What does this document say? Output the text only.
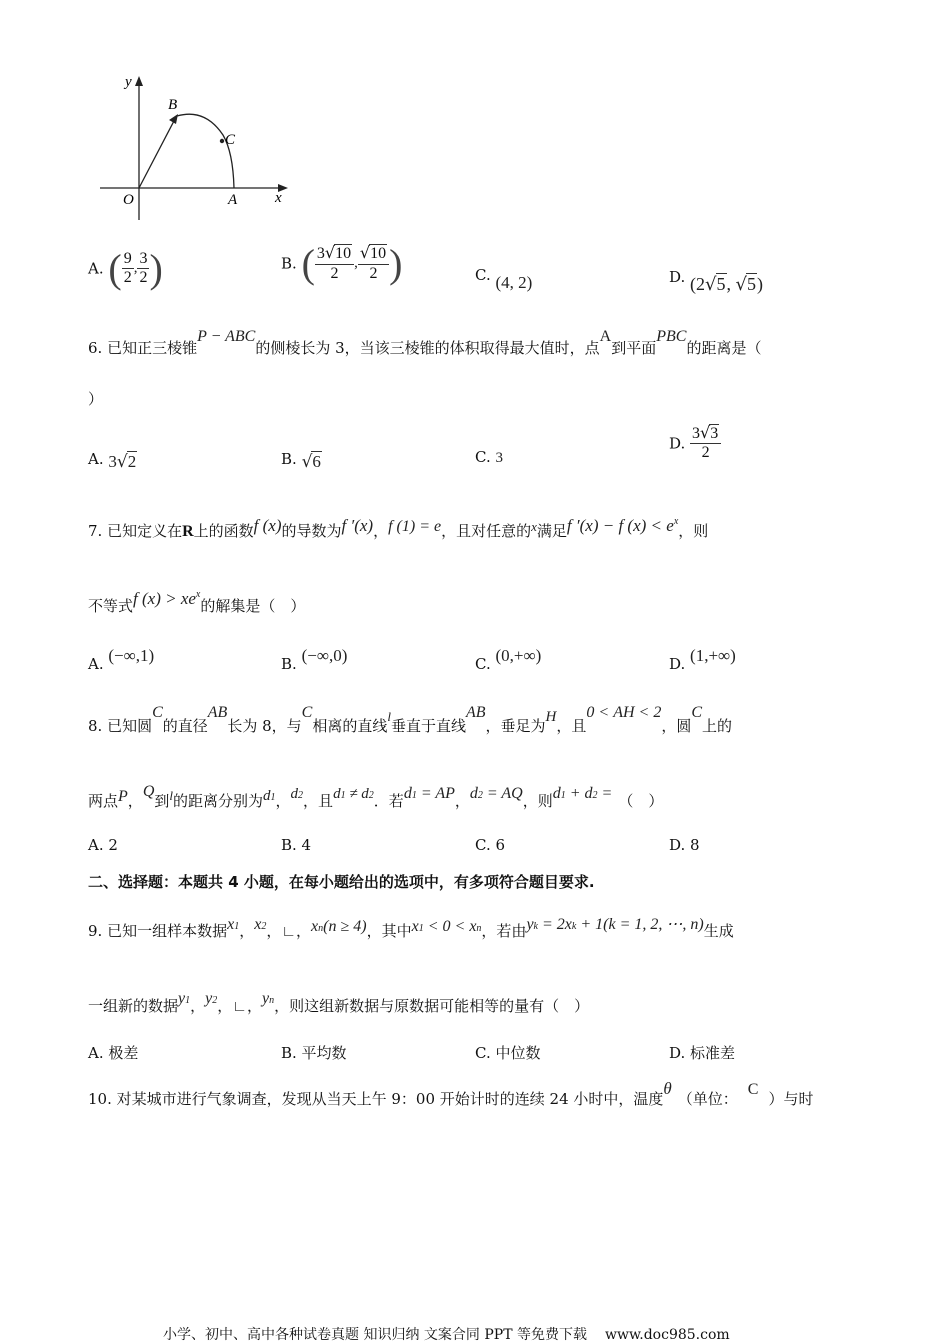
y
B
C
O	A	x
A. ( $\frac{9}{2}$ , $\frac{3}{2}$ )	B. ( $\frac{3√10}{2}$ , $\frac{√10}{2}$ )	C. (4, 2)	D. (2√5, √5)
6. 已知正三棱锥P − ABC的侧棱长为 3，当该三棱锥的体积取得最大值时，点A到平面PBC的距离是（
）
A. 3√2	B. √6	C. 3
D. $\frac{3√3}{2}$
7. 已知定义在R上的函数f (x)的导数为f ′(x)，f (1) = e，且对任意的x满足f ′(x) − f $(x) < e^x$，则
不等式f $(x) > xe^x$的解集是（　）
A. (−∞,1)	B. (−∞,0)	C. (0,+∞)	D. (1,+∞)
8. 已知圆C的直径AB长为 8，与C相离的直线l垂直于直线AB，垂足为H，且0 < AH < 2，圆C上的
两点P，Q到l的距离分别为d1，d2，且d1 ≠ d2．若d1 = AP，d2 = AQ，则d1 + d2 = （　）
A. 2	B. 4	C. 6	D. 8
二、选择题：本题共 4 小题，在每小题给出的选项中，有多项符合题目要求.
9. 已知一组样本数据x1，x2，∟，xn(n ≥ 4)，其中x1 < 0 < xn，若由yk = 2xk + 1(k = 1, 2, ⋯, n)生成
一组新的数据y1，y2，∟，yn，则这组新数据与原数据可能相等的量有（　）
A. 极差	B. 平均数	C. 中位数	D. 标准差
10. 对某城市进行气象调查，发现从当天上午 9：00 开始计时的连续 24 小时中，温度θ（单位：C）与时
小学、初中、高中各种试卷真题 知识归纳 文案合同 PPT 等免费下载 www.doc985.com
